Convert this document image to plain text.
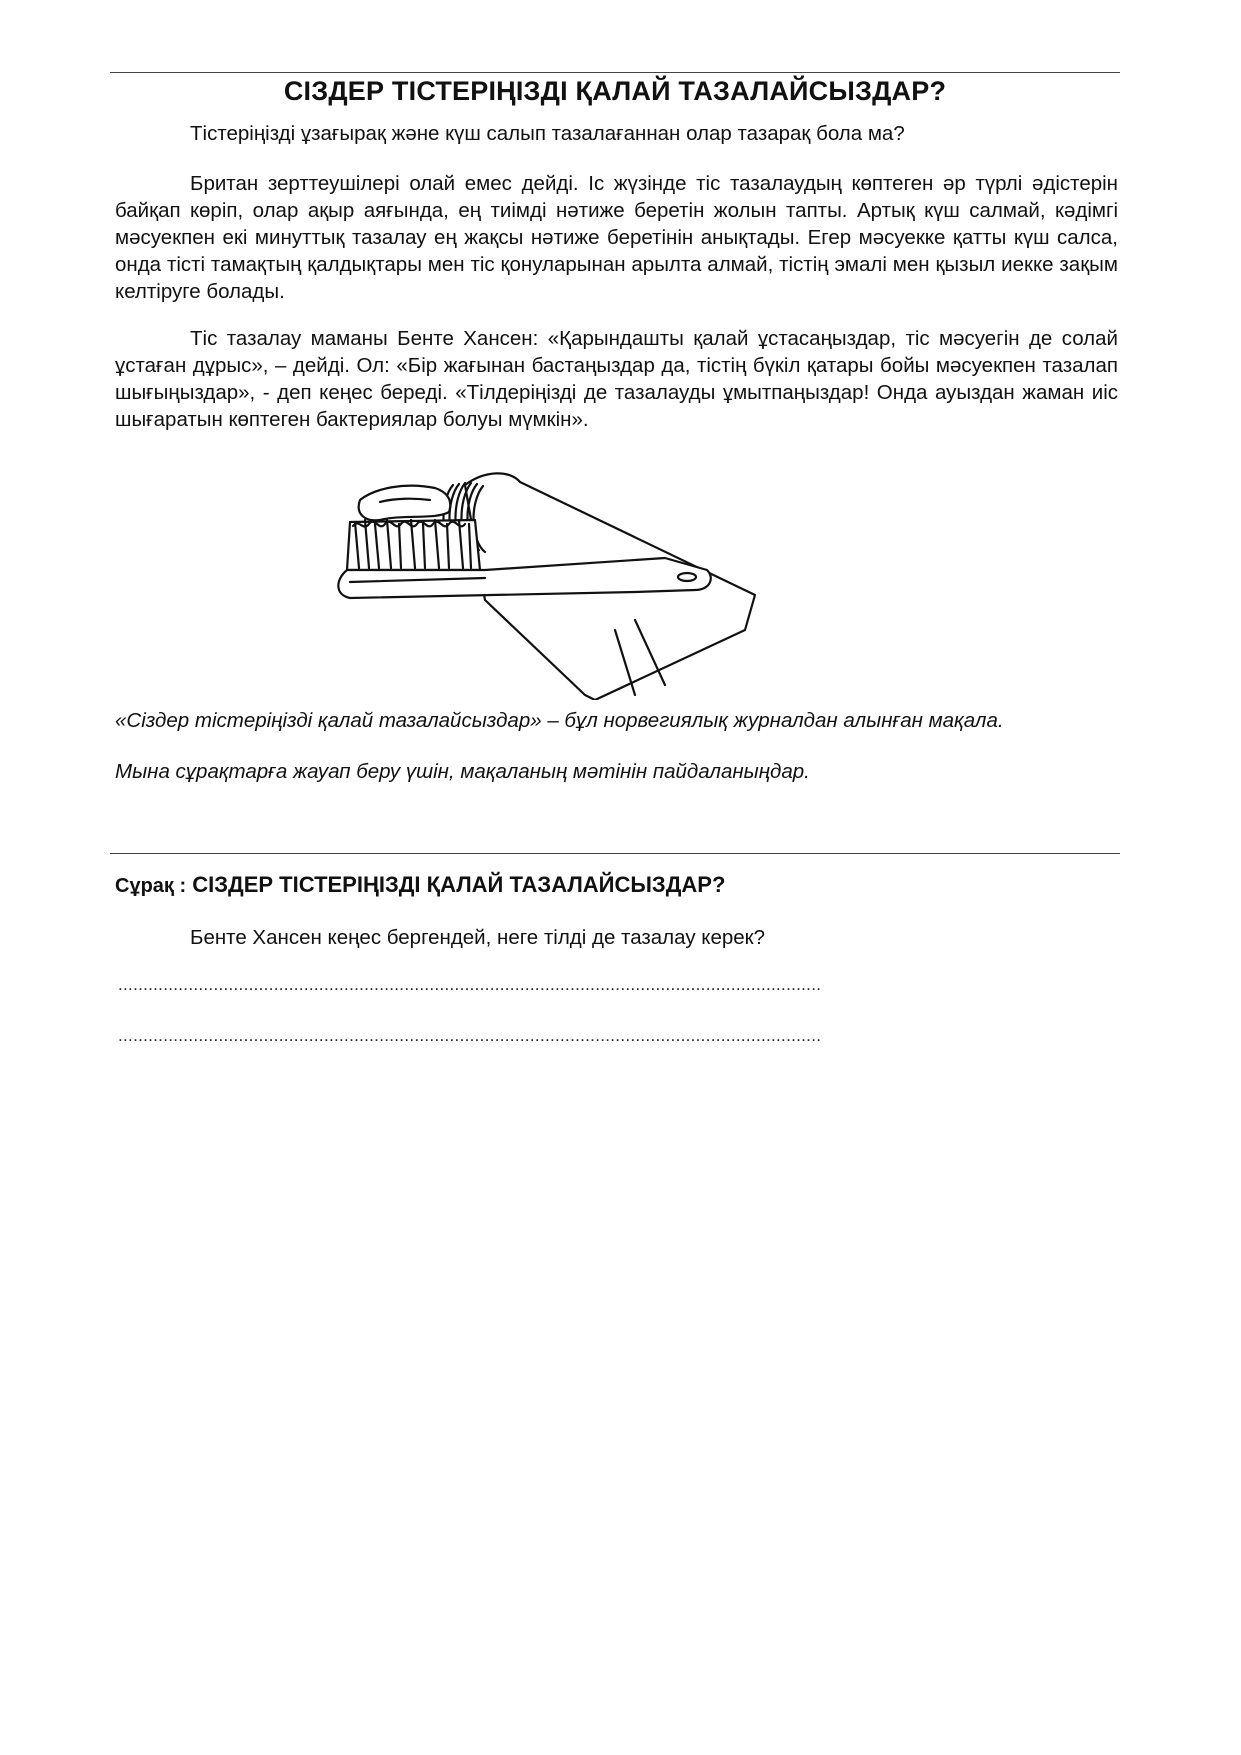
СІЗДЕР ТІСТЕРІҢІЗДІ ҚАЛАЙ ТАЗАЛАЙСЫЗДАР?

Тістеріңізді ұзағырақ және күш салып тазалағаннан олар тазарақ бола ма?

Британ зерттеушілері олай емес дейді. Іс жүзінде тіс тазалаудың көптеген әр түрлі әдістерін байқап көріп, олар ақыр аяғында, ең тиімді нәтиже беретін жолын тапты. Артық күш салмай, кәдімгі мәсуекпен екі минуттық тазалау ең жақсы нәтиже беретінін анықтады. Егер мәсуекке қатты күш салса, онда тісті тамақтың қалдықтары мен тіс қонуларынан арылта алмай, тістің эмалі мен қызыл иекке зақым келтіруге болады.

Тіс тазалау маманы Бенте Хансен: «Қарындашты қалай ұстасаңыздар, тіс мәсуегін де солай ұстаған дұрыс», – дейді. Ол: «Бір жағынан бастаңыздар да, тістің бүкіл қатары бойы мәсуекпен тазалап шығыңыздар», - деп кеңес береді. «Тілдеріңізді де тазалауды ұмытпаңыздар! Онда ауыздан жаман иіс шығаратын көптеген бактериялар болуы мүмкін».

«Сіздер тістеріңізді қалай тазалайсыздар» – бұл норвегиялық журналдан алынған мақала.

Мына сұрақтарға жауап беру үшін, мақаланың мәтінін пайдаланыңдар.

Сұрақ : СІЗДЕР ТІСТЕРІҢІЗДІ ҚАЛАЙ ТАЗАЛАЙСЫЗДАР?
Бенте Хансен кеңес бергендей, неге тілді де тазалау керек?
............................................................................................................................................
............................................................................................................................................
